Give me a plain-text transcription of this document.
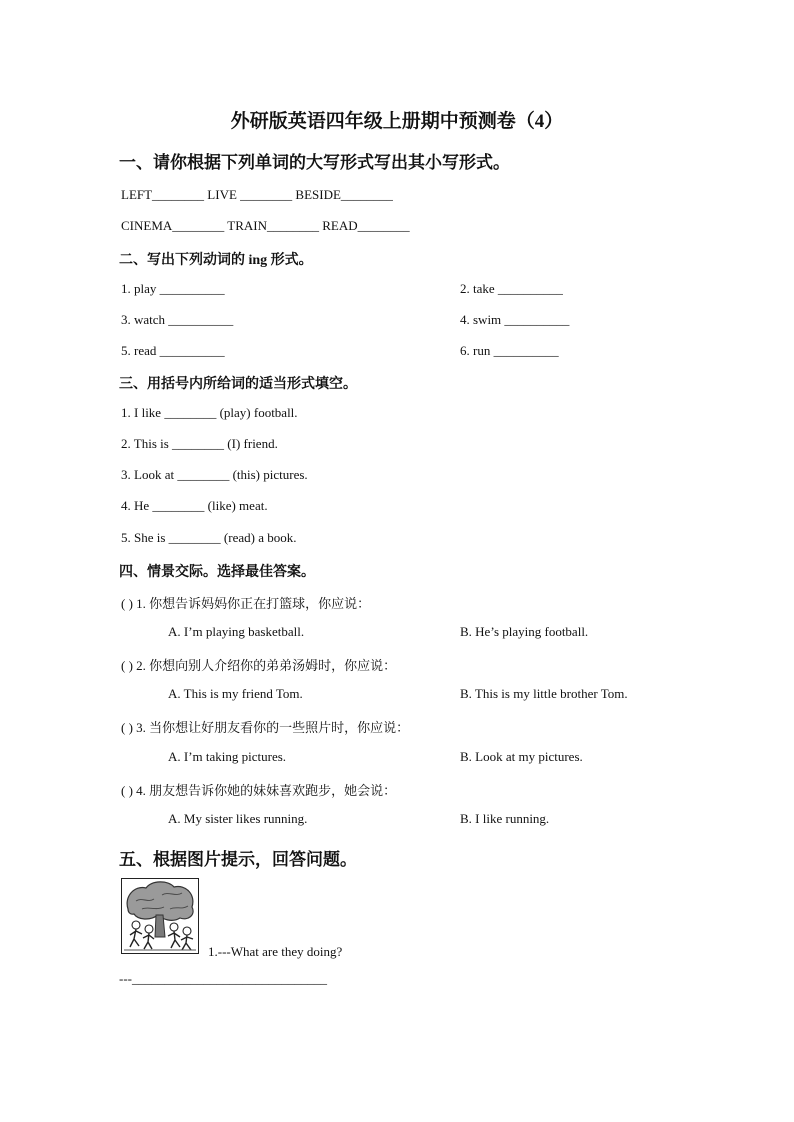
外研版英语四年级上册期中预测卷（4）
一、请你根据下列单词的大写形式写出其小写形式。
LEFT________ LIVE ________ BESIDE________
CINEMA________ TRAIN________ READ________
二、写出下列动词的 ing 形式。
1. play __________	2. take __________
3. watch __________	4. swim __________
5. read __________	6. run __________
三、用括号内所给词的适当形式填空。
1. I like ________ (play) football.
2. This is ________ (I) friend.
3. Look at ________ (this) pictures.
4. He ________ (like) meat.
5. She is ________ (read) a book.
四、情景交际。选择最佳答案。
( ) 1. 你想告诉妈妈你正在打篮球，你应说：
A. I’m playing basketball.	B. He’s playing football.
( ) 2. 你想向别人介绍你的弟弟汤姆时，你应说：
A. This is my friend Tom.	B. This is my little brother Tom.
( ) 3. 当你想让好朋友看你的一些照片时，你应说：
A. I’m taking pictures.	B. Look at my pictures.
( ) 4. 朋友想告诉你她的妹妹喜欢跑步，她会说：
A. My sister likes running.	B. I like running.
五、根据图片提示，回答问题。
1.---What are they doing?
---______________________________
